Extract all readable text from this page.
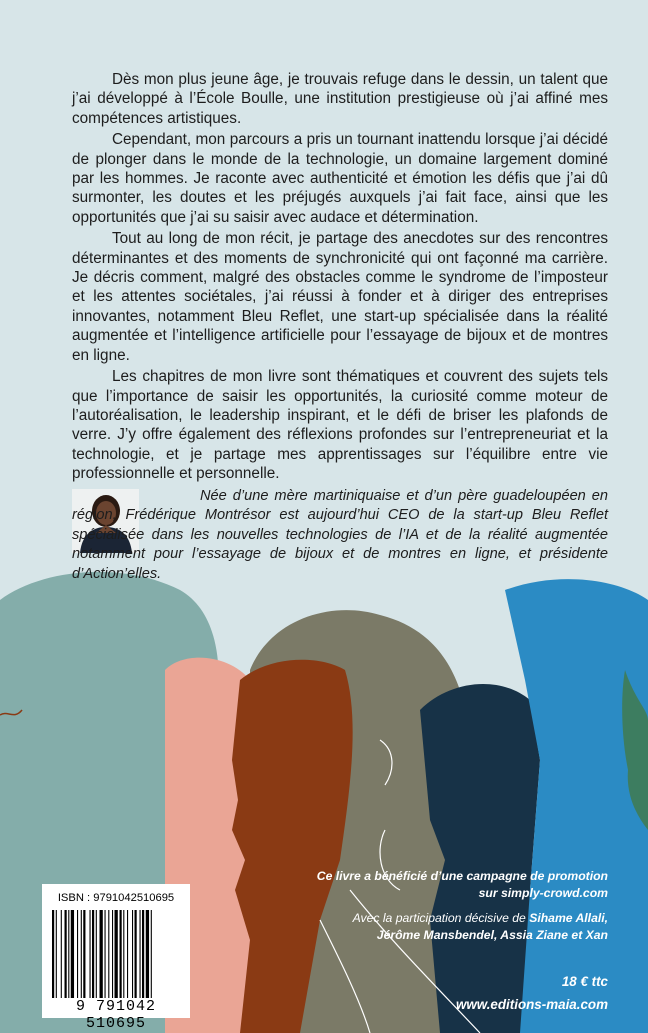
Dès mon plus jeune âge, je trouvais refuge dans le dessin, un talent que j’ai développé à l’École Boulle, une institution prestigieuse où j’ai affiné mes compétences artistiques.

Cependant, mon parcours a pris un tournant inattendu lorsque j’ai décidé de plonger dans le monde de la technologie, un domaine largement dominé par les hommes. Je raconte avec authenticité et émotion les défis que j’ai dû surmonter, les doutes et les préjugés auxquels j’ai fait face, ainsi que les opportunités que j’ai su saisir avec audace et détermination.

Tout au long de mon récit, je partage des anecdotes sur des rencontres déterminantes et des moments de synchronicité qui ont façonné ma carrière. Je décris comment, malgré des obstacles comme le syndrome de l’imposteur et les attentes sociétales, j’ai réussi à fonder et à diriger des entreprises innovantes, notamment Bleu Reflet, une start-up spécialisée dans la réalité augmentée et l’intelligence artificielle pour l’essayage de bijoux et de montres en ligne.

Les chapitres de mon livre sont thématiques et couvrent des sujets tels que l’importance de saisir les opportunités, la curiosité comme moteur de l’autoréalisation, le leadership inspirant, et le défi de briser les plafonds de verre. J’y offre également des réflexions profondes sur l’entrepreneuriat et la technologie, et je partage mes apprentissages sur l’équilibre entre vie professionnelle et personnelle.

Née d’une mère martiniquaise et d’un père guadeloupéen en région, Frédérique Montrésor est aujourd’hui CEO de la start-up Bleu Reflet spécialisée dans les nouvelles technologies de l’IA et de la réalité augmentée notamment pour l’essayage de bijoux et de montres en ligne, et présidente d’Action’elles.
Ce livre a bénéficié d’une campagne de promotion
sur simply-crowd.com
Avec la participation décisive de Sihame Allali,
Jérôme Mansbendel, Assia Ziane et Xan
18 € ttc
www.editions-maia.com
ISBN : 9791042510695
9 791042 510695
